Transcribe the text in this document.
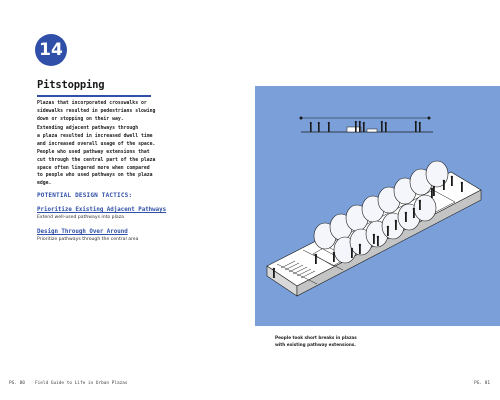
14
Pitstopping
Plazas that incorporated crosswalks or
sidewalks resulted in pedestrians slowing
down or stopping on their way.
Extending adjacent pathways through
a plaza resulted in increased dwell time
and increased overall usage of the space.
People who used pathway extensions that
cut through the central part of the plaza
space often lingered more when compared
to people who used pathways on the plaza
edge.
POTENTIAL DESIGN TACTICS:
Prioritize Existing Adjacent Pathways
Extend well-used pathways into plaza
Design Through Over Around
Prioritize pathways through the central area
People took short breaks in plazas
with existing pathway extensions.
PG. 80 Field Guide to Life in Urban Plazas	PG. 81
